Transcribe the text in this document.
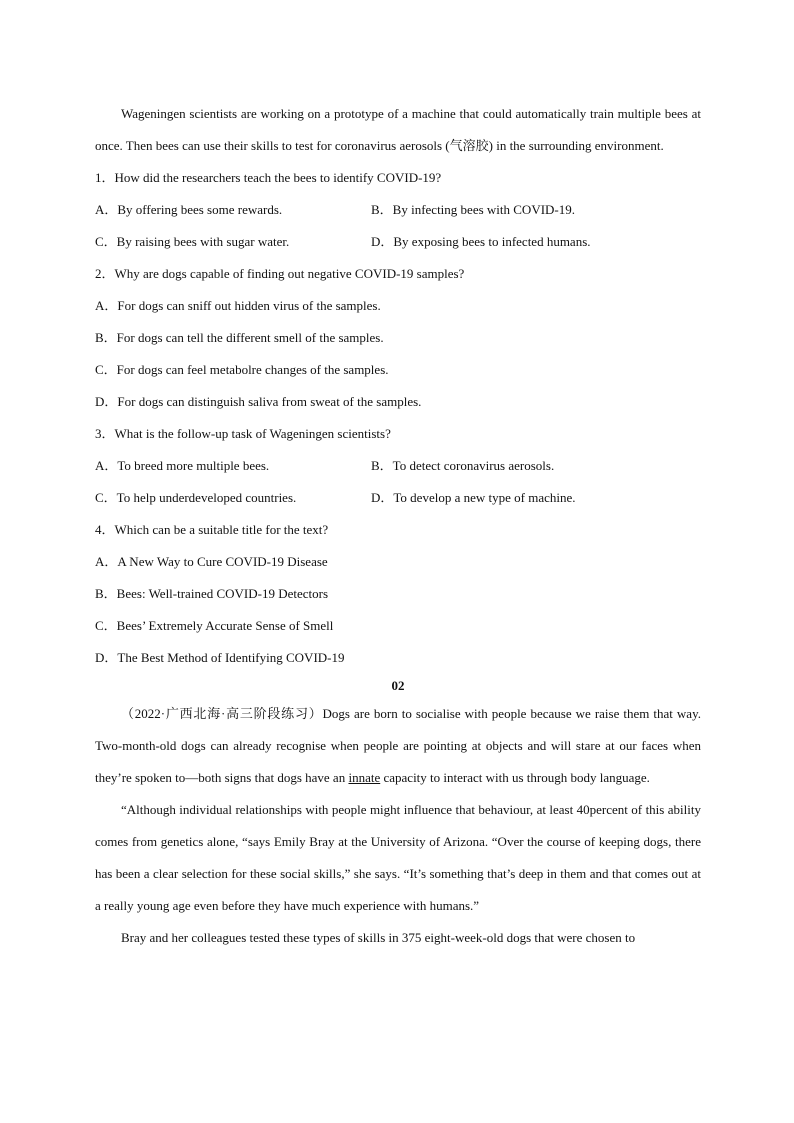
Wageningen scientists are working on a prototype of a machine that could automatically train multiple bees at once. Then bees can use their skills to test for coronavirus aerosols (气溶胶) in the surrounding environment.

1．How did the researchers teach the bees to identify COVID-19?
A．By offering bees some rewards.	B．By infecting bees with COVID-19.
C．By raising bees with sugar water.	D．By exposing bees to infected humans.
2．Why are dogs capable of finding out negative COVID-19 samples?
A．For dogs can sniff out hidden virus of the samples.
B．For dogs can tell the different smell of the samples.
C．For dogs can feel metabolre changes of the samples.
D．For dogs can distinguish saliva from sweat of the samples.
3．What is the follow-up task of Wageningen scientists?
A．To breed more multiple bees.	B．To detect coronavirus aerosols.
C．To help underdeveloped countries.	D．To develop a new type of machine.
4．Which can be a suitable title for the text?
A．A New Way to Cure COVID-19 Disease
B．Bees: Well-trained COVID-19 Detectors
C．Bees’ Extremely Accurate Sense of Smell
D．The Best Method of Identifying COVID-19
02

（2022·广西北海·高三阶段练习）Dogs are born to socialise with people because we raise them that way. Two-month-old dogs can already recognise when people are pointing at objects and will stare at our faces when they’re spoken to—both signs that dogs have an innate capacity to interact with us through body language.

“Although individual relationships with people might influence that behaviour, at least 40percent of this ability comes from genetics alone, “says Emily Bray at the University of Arizona. “Over the course of keeping dogs, there has been a clear selection for these social skills,” she says. “It’s something that’s deep in them and that comes out at a really young age even before they have much experience with humans.”

Bray and her colleagues tested these types of skills in 375 eight-week-old dogs that were chosen to
